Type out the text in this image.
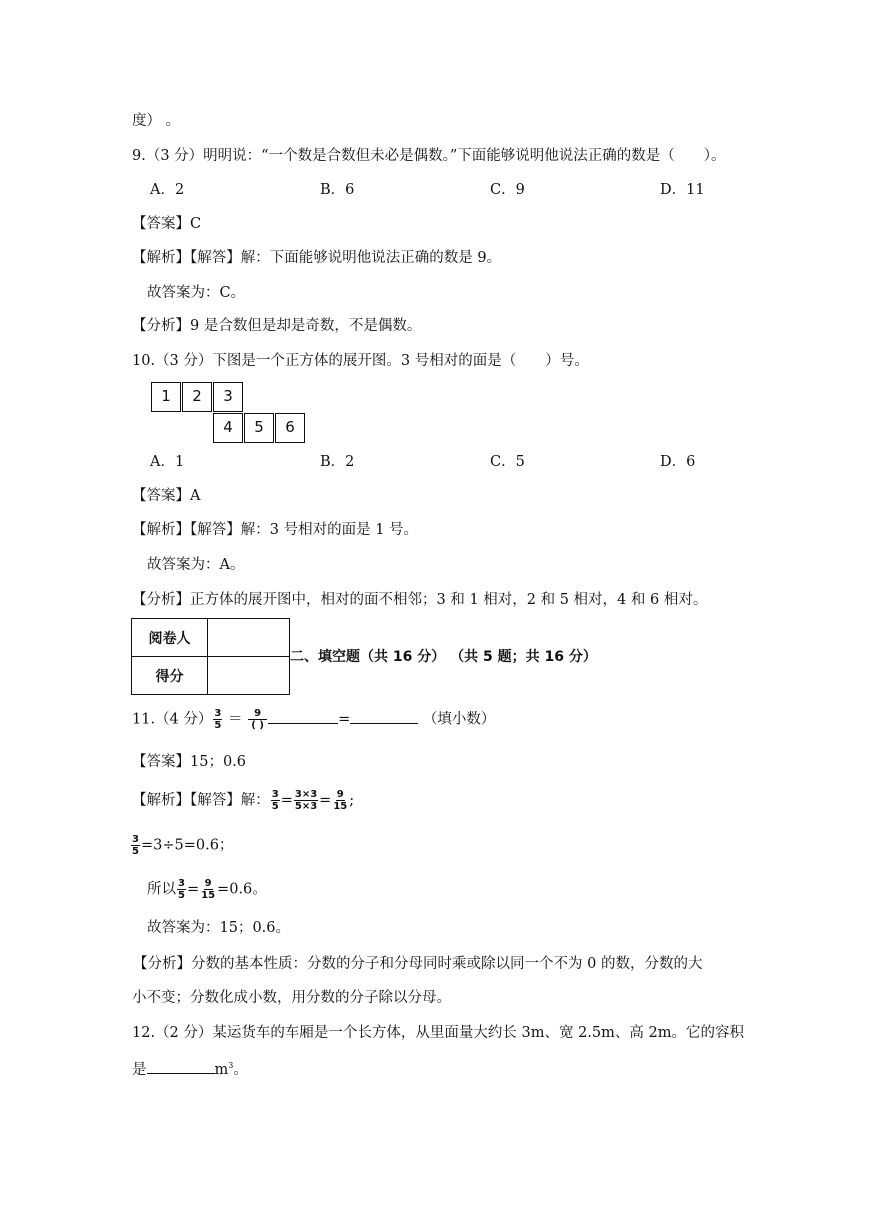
度） 。
9.（3 分）明明说：“一个数是合数但未必是偶数。”下面能够说明他说法正确的数是（　　）。
A．2	B．6	C．9	D．11
【答案】C
【解析】【解答】解：下面能够说明他说法正确的数是 9。
故答案为：C。
【分析】9 是合数但是却是奇数，不是偶数。
10.（3 分）下图是一个正方体的展开图。3 号相对的面是（　　）号。
1	2	3
4	5	6
A．1	B．2	C．5	D．6
【答案】A
【解析】【解答】解：3 号相对的面是 1 号。
故答案为：A。
【分析】正方体的展开图中，相对的面不相邻；3 和 1 相对，2 和 5 相对，4 和 6 相对。
阅卷人	
得分	
二、填空题（共 16 分） （共 5 题；共 16 分）
11.（4 分） $\frac{3}{5} = \frac{9}{( )}$	=	（填小数）
【答案】15；0.6
【解析】【解答】解： $\frac{3}{5} = \frac{3\times 3}{5\times 3} = \frac{9}{15}$ ;
$\frac{3}{5} =3\div 5=0.6$；
所以 $\frac{3}{5} = \frac{9}{15} =0.6$。
故答案为：15；0.6。
【分析】分数的基本性质：分数的分子和分母同时乘或除以同一个不为 0 的数，分数的大
小不变；分数化成小数，用分数的分子除以分母。
12.（2 分）某运货车的车厢是一个长方体，从里面量大约长 3m、宽 2.5m、高 2m。它的容积
是	$m^3$。
